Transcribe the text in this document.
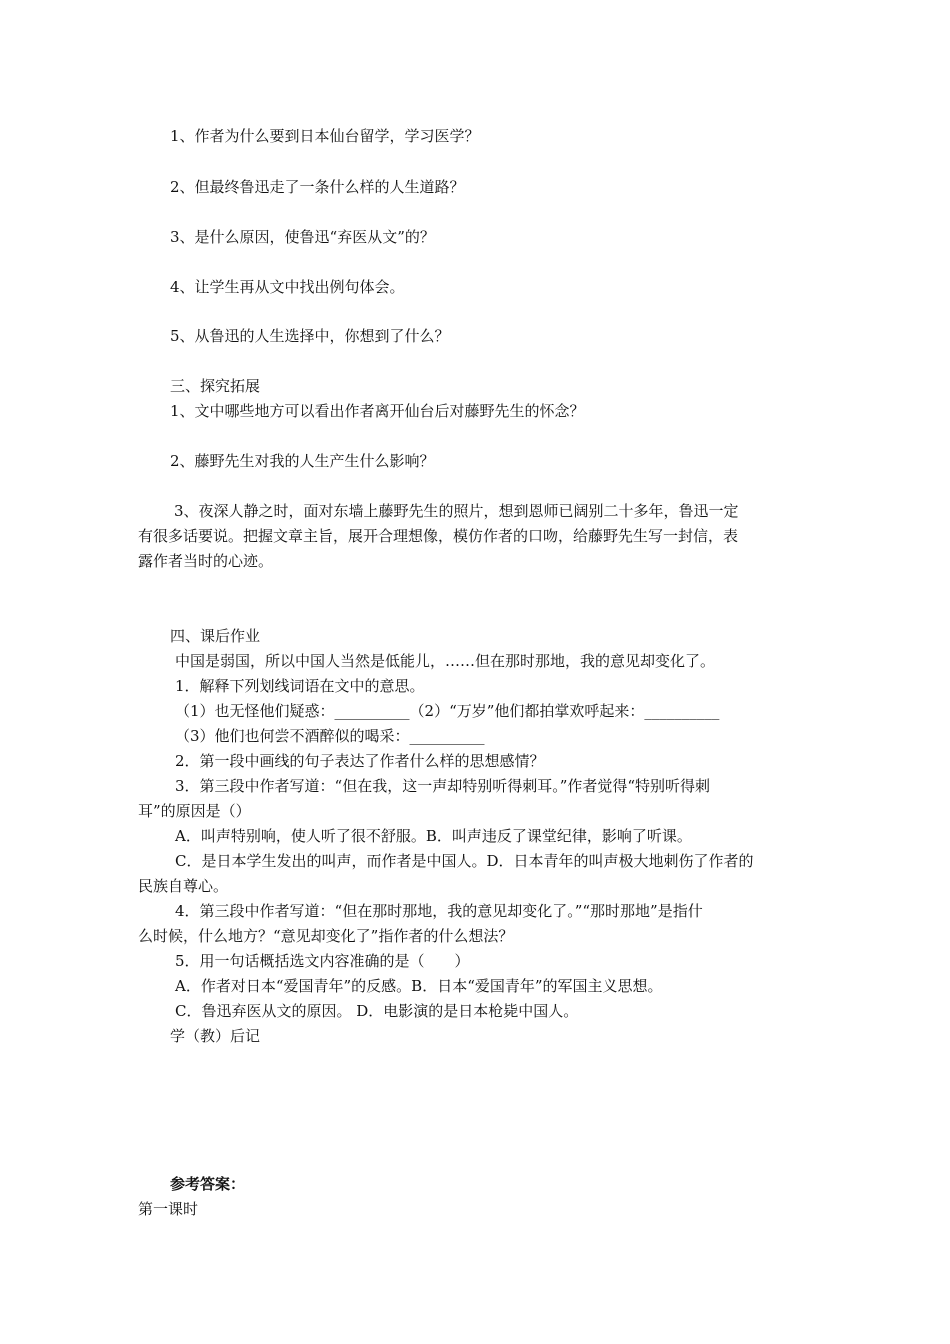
1、作者为什么要到日本仙台留学，学习医学？
2、但最终鲁迅走了一条什么样的人生道路？
3、是什么原因，使鲁迅“弃医从文”的？
4、让学生再从文中找出例句体会。
5、从鲁迅的人生选择中，你想到了什么？
三、探究拓展
1、文中哪些地方可以看出作者离开仙台后对藤野先生的怀念？
2、藤野先生对我的人生产生什么影响？
3、夜深人静之时，面对东墙上藤野先生的照片，想到恩师已阔别二十多年，鲁迅一定
有很多话要说。把握文章主旨，展开合理想像，模仿作者的口吻，给藤野先生写一封信，表
露作者当时的心迹。
四、课后作业
中国是弱国，所以中国人当然是低能儿，……但在那时那地，我的意见却变化了。
1．解释下列划线词语在文中的意思。
（1）也无怪他们疑惑：__________（2）“万岁”他们都拍掌欢呼起来：__________
（3）他们也何尝不酒醉似的喝采：__________
2．第一段中画线的句子表达了作者什么样的思想感情？
3．第三段中作者写道：“但在我，这一声却特别听得刺耳。”作者觉得“特别听得刺
耳”的原因是（）
A．叫声特别响，使人听了很不舒服。B．叫声违反了课堂纪律，影响了听课。
C．是日本学生发出的叫声，而作者是中国人。D．日本青年的叫声极大地刺伤了作者的
民族自尊心。
4．第三段中作者写道：“但在那时那地，我的意见却变化了。”“那时那地”是指什
么时候，什么地方？“意见却变化了”指作者的什么想法？
5．用一句话概括选文内容准确的是（　　）
A．作者对日本“爱国青年”的反感。B．日本“爱国青年”的军国主义思想。
C．鲁迅弃医从文的原因。 D．电影演的是日本枪毙中国人。
学（教）后记
参考答案：
第一课时
